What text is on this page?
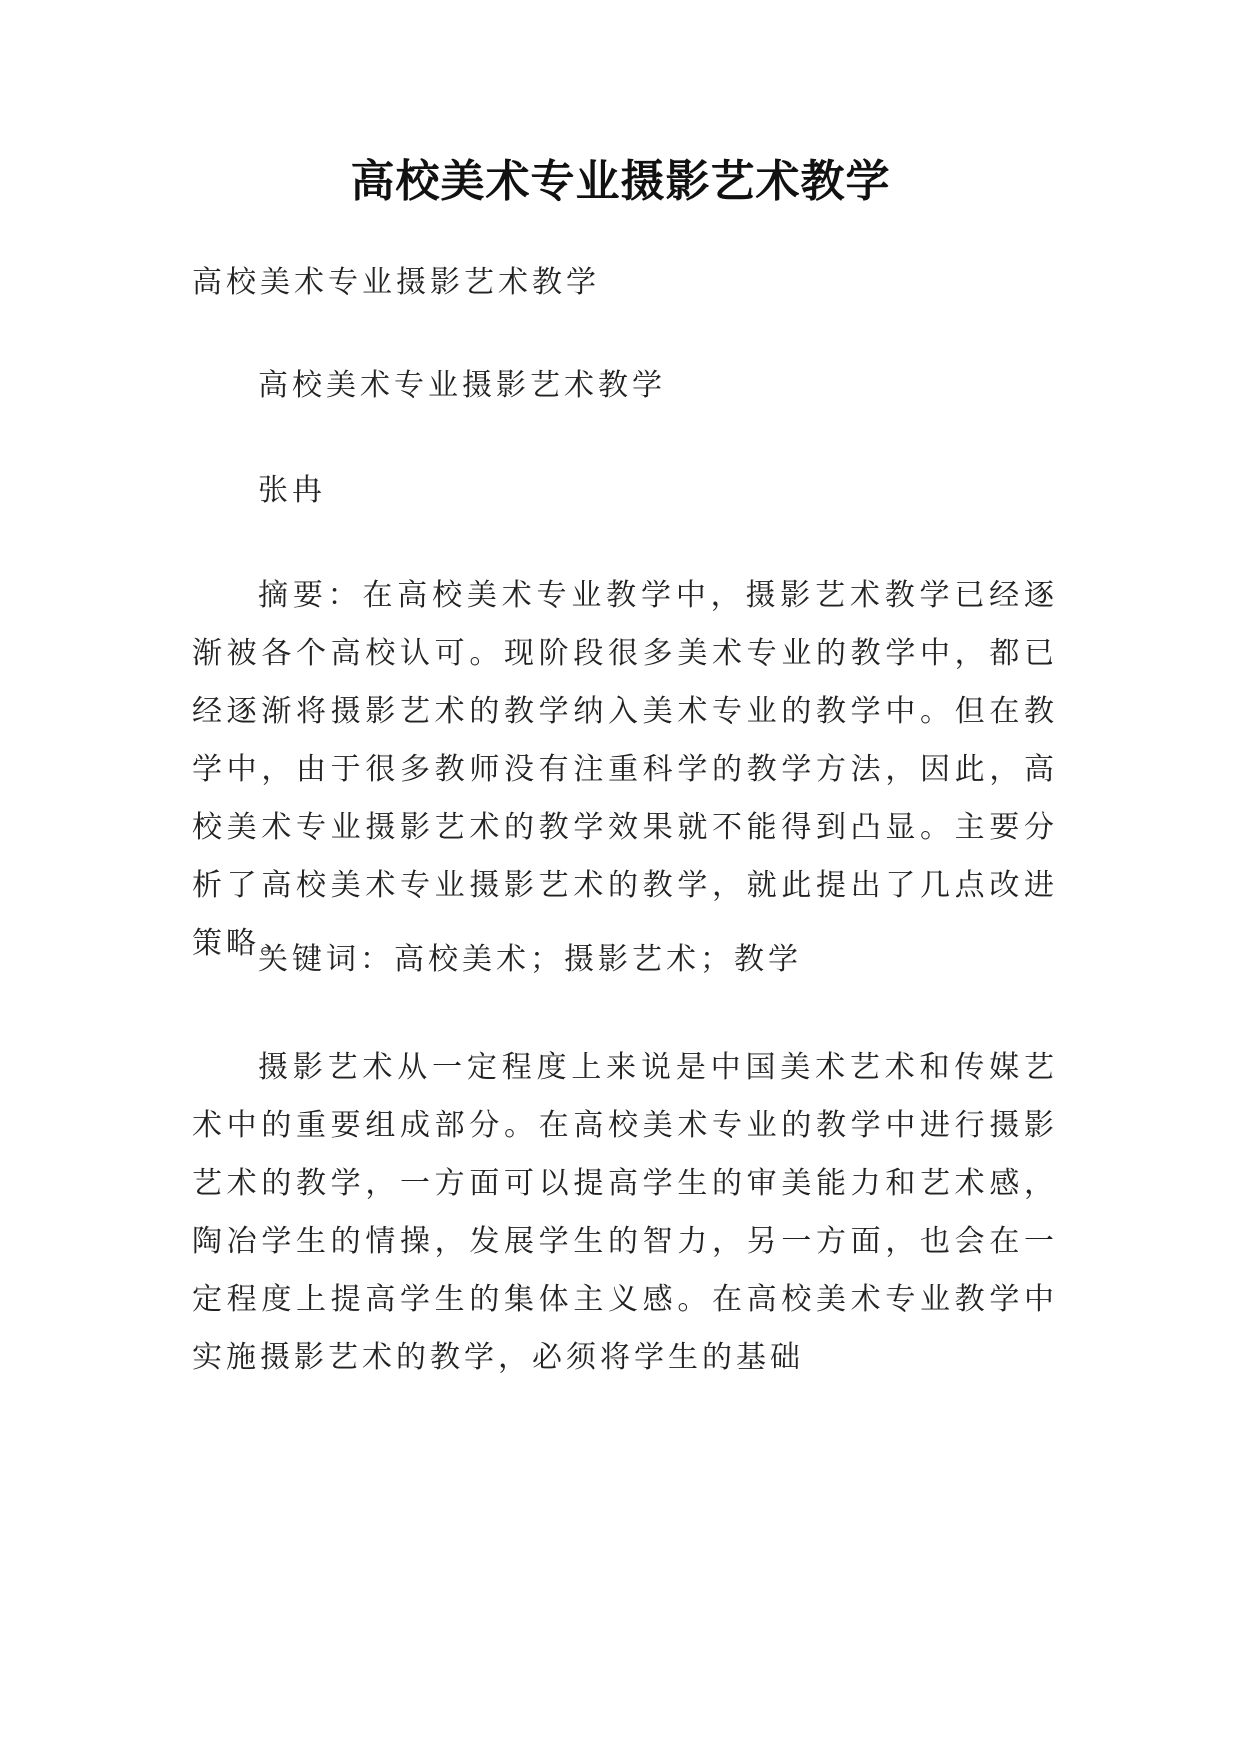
高校美术专业摄影艺术教学
高校美术专业摄影艺术教学
高校美术专业摄影艺术教学
张冉

摘要：在高校美术专业教学中，摄影艺术教学已经逐渐被各个高校认可。现阶段很多美术专业的教学中，都已经逐渐将摄影艺术的教学纳入美术专业的教学中。但在教学中，由于很多教师没有注重科学的教学方法，因此，高校美术专业摄影艺术的教学效果就不能得到凸显。主要分析了高校美术专业摄影艺术的教学，就此提出了几点改进策略。

关键词：高校美术；摄影艺术；教学

摄影艺术从一定程度上来说是中国美术艺术和传媒艺术中的重要组成部分。在高校美术专业的教学中进行摄影艺术的教学，一方面可以提高学生的审美能力和艺术感，陶冶学生的情操，发展学生的智力，另一方面，也会在一定程度上提高学生的集体主义感。在高校美术专业教学中实施摄影艺术的教学，必须将学生的基础
